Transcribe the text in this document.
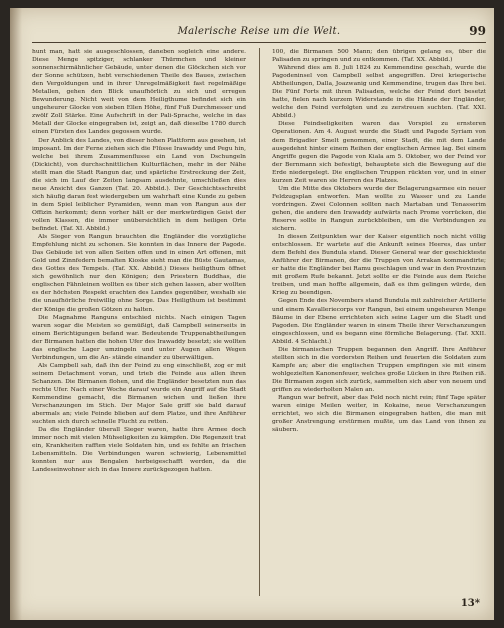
Malerische Reise um die Welt.	99

hunt man, hatt sie ausgeschlossen, daneben sogleich eine andere. Diese Menge spitziger, schlanker Thürmchen und kleiner sonnenschirmähnlicher Gebäude, unter denen die Glöckchen sich vor der Sonne schützen, hebt verschiedenen Theile des Baues, zwischen den Vergoldungen und in ihrer Unregelmäßigkeit fast regelmäßige Metallen, gehen den Blick unaufhörlich zu sich und erregen Bewunderung. Nicht weit von dem Heiligthume befindet sich ein ungeheurer Glocke von sieben Ellen Höhe, fünf Fuß Durchmesser und zwölf Zoll Stärke. Eine Aufschrift in der Pali-Sprache, welche in das Metall der Glocke eingegraben ist, zeigt an, daß dieselbe 1780 durch einen Fürsten des Landes gegossen wurde.

Der Anblick des Landes, von dieser hohen Plattform aus gesehen, ist imposant. Im der Ferne ziehen sich die Flüsse Irawaddy und Pegu hin, welche bei ihrem Zusammenflusse ein Land von Dschungeln (Dickicht), von durchschnittlichen Kulturflächen, mehr in der Nähe stellt man die Stadt Rangun dar, und spärliche Erstreckung der Zeit, die sich im Lauf der Zeiten langsam ausdehnte, umschließen dies neue Ansicht des Ganzen (Taf. 20. Abbild.). Der Geschichtsschreibt sich häufig daran fest wiedergeben um wahrhaft eine Kunde zu geben in dem Spiel leiblicher Pyramiden, wenn man von Rangun aus der Offizin herkommt; denn vorher hält er der merkwürdigen Geist der vollen Klassen, die immer unübersichtlich in dem heiligen Orte befindet. (Taf. XI. Abbild.)

Als Sieger von Rangun brauchten die Engländer die vorzügliche Empfehlung nicht zu schonen. Sie konnten in das Innere der Pagode. Das Gebäude ist von allen Seiten offen und in einen Art offenen, mit Gold und Zinnfedern bemalten Kioske sieht man die Büste Gautamas, des Gottes des Tempels. (Taf. XX. Abbild.) Dieses heiligthum öffnet sich gewöhnlich nur den Königen; den Priestern Buddhas, die englischen Fähnleinen wollten es über sich gehen lassen, aber wollten es der höchsten Respekt erachten des Landes gegenüber, weshalb sie die unaufhörliche freiwillig ohne Sorge. Das Heiligthum ist bestimmt der Könige die großen Götzen zu halten.

Die Magnahme Ranguns entschied nichts. Nach einigen Tagen waren sogar die Meisten so gemüßigt, daß Campbell seinerseits in einem Berichtigungen befand war. Bedeutende Truppenabtheilungen der Birmanen hatten die hohen Ufer des Irawaddy besetzt; sie wollten das englische Lager umzingeln und unter Augen allen Wegen Verbindungen, um die An- stände einander zu überwältigen.

Als Campbell sah, daß ihn der Feind zu eng einschließt, zog er mit seinem Detachment voran, und trieb die Feinde aus allen ihren Schanzen. Die Birmanen flohen, und die Engländer besetzten nun das rechte Ufer. Nach einer Woche darauf wurde ein Angriff auf die Stadt Kemmendine gemacht, die Birmanen wichen und ließen ihre Verschanzungen im Stich. Der Major Sale griff sie bald darauf abermals an; viele Feinde blieben auf dem Platze, und ihre Anführer suchten sich durch schnelle Flucht zu retten.

Da die Engländer überall Sieger waren, hatte ihre Armee doch immer noch mit vielen Mühseligkeiten zu kämpfen. Die Regenzeit trat ein, Krankheiten rafften viele Soldaten hin, und es fehlte an frischen Lebensmitteln. Die Verbindungen waren schwierig, Lebensmittel konnten nur aus Bengalen herbeigeschafft werden, da die Landeseinwohner sich in das Innere zurückgezogen hatten.

100, die Birmanen 500 Mann; den übrigen gelang es, über die Palisaden zu springen und zu entkommen. (Taf. XX. Abbild.)

Während dies am 8. Juli 1824 zu Kemmendine geschah, wurde die Pagodeninsel von Campbell selbst angegriffen. Drei kriegerische Abtheilungen, Dalla, Joazwanig und Kemmendine, trugen das Ihre bei. Die Fünf Forts mit ihren Palisaden, welche der Feind dort besetzt hatte, fielen nach kurzem Widerstande in die Hände der Engländer, welche den Feind verfolgten und zu zerstreuen suchten. (Taf. XXI. Abbild.)

Diese Feindseligkeiten waren das Vorspiel zu ernsteren Operationen. Am 4. August wurde die Stadt und Pagode Syriam von dem Brigadier Smelt genommen, einer Stadt, die mit dem Lande ausgedehnt hinter einem Reihen der englischen Armee lag. Bei einem Angriffe gegen die Pagode von Kiala am 5. Oktober, wo der Feind vor der Bernmann sich befestigt, behauptete sich die Bewegung auf die Erde niedergelegt. Die englischen Truppen rückten vor, und in einer kurzen Zeit waren sie Herren des Platzes.

Um die Mitte des Oktobers wurde der Belagerungsarmee ein neuer Feldzugsplan entworfen. Man wollte zu Wasser und zu Lande vordringen. Zwei Colonnen sollten nach Martaban und Tenasserim gehen, die andere den Irawaddy aufwärts nach Prome vorrücken, die Reserve sollte in Rangun zurückbleiben, um die Verbindungen zu sichern.

In diesen Zeitpunkten war der Kaiser eigentlich noch nicht völlig entschlossen. Er wartete auf die Ankunft seines Heeres, das unter dem Befehl des Bundula stand. Dieser General war der geschickteste Anführer der Birmanen, der die Truppen von Arrakan kommandirte; er hatte die Engländer bei Ramu geschlagen und war in den Provinzen mit großem Rufe bekannt. Jetzt sollte er die Feinde aus dem Reiche treiben, und man hoffte allgemein, daß es ihm gelingen würde, den Krieg zu beendigen.

Gegen Ende des Novembers stand Bundula mit zahlreicher Artillerie und einem Kavalleriecorps vor Rangun, bei einem ungeheuren Menge Bäume in der Ebene errichteten sich seine Lager um die Stadt und Pagoden. Die Engländer waren in einem Theile ihrer Verschanzungen eingeschlossen, und es begann eine förmliche Belagerung. (Taf. XXII. Abbild. 4 Schlacht.)

Die birmanischen Truppen begannen den Angriff. Ihre Anführer stellten sich in die vordersten Reihen und feuerten die Soldaten zum Kampfe an; aber die englischen Truppen empfingen sie mit einem wohlgezielten Kanonenfeuer, welches große Lücken in ihre Reihen riß. Die Birmanen zogen sich zurück, sammelten sich aber von neuem und griffen zu wiederholten Malen an.

Rangun war befreit, aber das Feld noch nicht rein; fünf Tage später waren einige Meilen weiter, in Kokaine, neue Verschanzungen errichtet, wo sich die Birmanen eingegraben hatten, die man mit großer Anstrengung erstürmen mußte, um das Land von ihnen zu säubern.

13*
